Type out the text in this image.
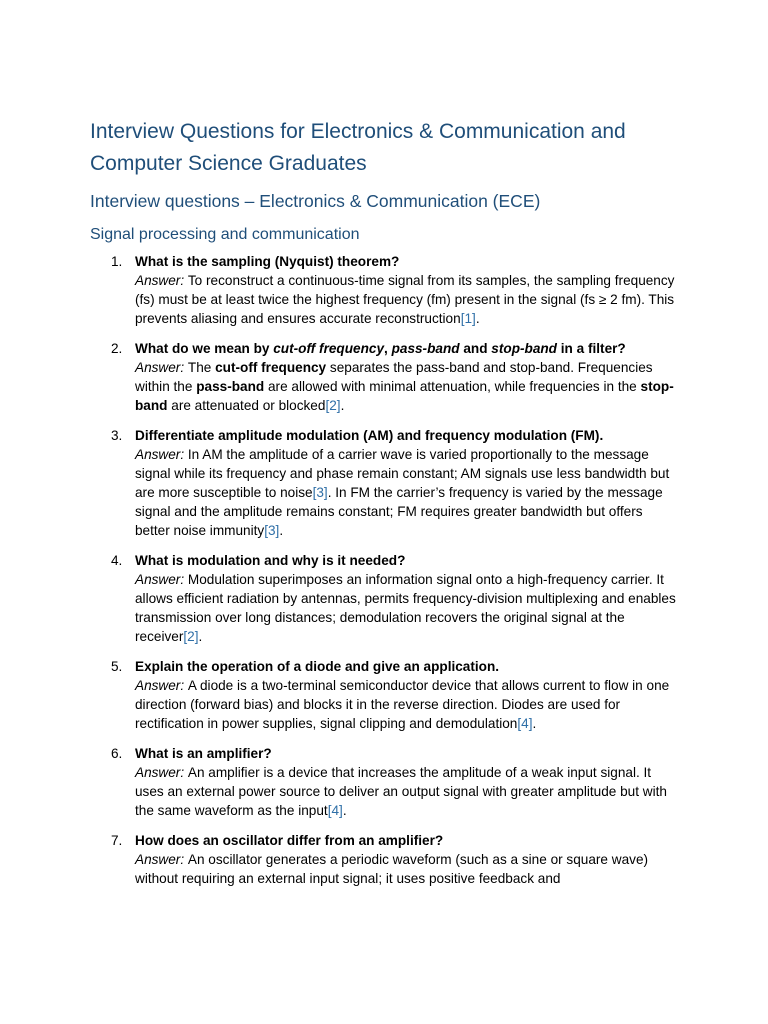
Interview Questions for Electronics & Communication and Computer Science Graduates
Interview questions – Electronics & Communication (ECE)
Signal processing and communication
1. What is the sampling (Nyquist) theorem?
Answer: To reconstruct a continuous-time signal from its samples, the sampling frequency (fs) must be at least twice the highest frequency (fm) present in the signal (fs ≥ 2 fm). This prevents aliasing and ensures accurate reconstruction[1].
2. What do we mean by cut-off frequency, pass-band and stop-band in a filter?
Answer: The cut-off frequency separates the pass-band and stop-band. Frequencies within the pass-band are allowed with minimal attenuation, while frequencies in the stop-band are attenuated or blocked[2].
3. Differentiate amplitude modulation (AM) and frequency modulation (FM).
Answer: In AM the amplitude of a carrier wave is varied proportionally to the message signal while its frequency and phase remain constant; AM signals use less bandwidth but are more susceptible to noise[3]. In FM the carrier’s frequency is varied by the message signal and the amplitude remains constant; FM requires greater bandwidth but offers better noise immunity[3].
4. What is modulation and why is it needed?
Answer: Modulation superimposes an information signal onto a high-frequency carrier. It allows efficient radiation by antennas, permits frequency-division multiplexing and enables transmission over long distances; demodulation recovers the original signal at the receiver[2].
5. Explain the operation of a diode and give an application.
Answer: A diode is a two-terminal semiconductor device that allows current to flow in one direction (forward bias) and blocks it in the reverse direction. Diodes are used for rectification in power supplies, signal clipping and demodulation[4].
6. What is an amplifier?
Answer: An amplifier is a device that increases the amplitude of a weak input signal. It uses an external power source to deliver an output signal with greater amplitude but with the same waveform as the input[4].
7. How does an oscillator differ from an amplifier?
Answer: An oscillator generates a periodic waveform (such as a sine or square wave) without requiring an external input signal; it uses positive feedback and
